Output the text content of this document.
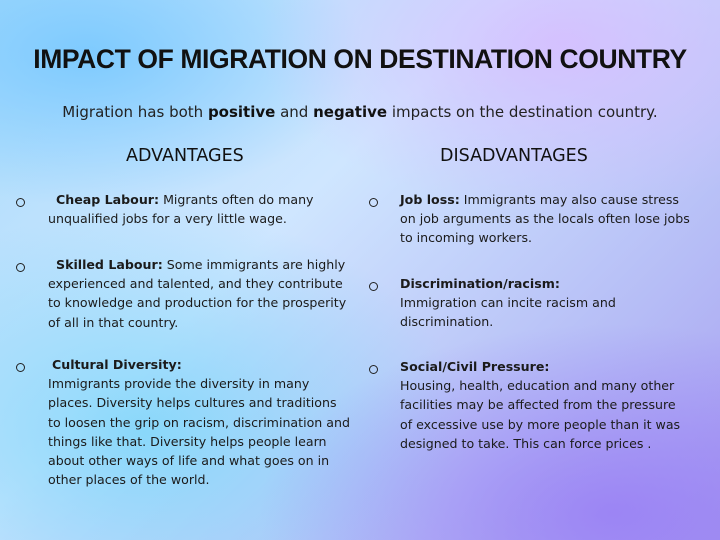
IMPACT OF MIGRATION ON DESTINATION COUNTRY
Migration has both positive and negative impacts on the destination country.
ADVANTAGES	DISADVANTAGES
Cheap Labour: Migrants often do many unqualified jobs for a very little wage.
Skilled Labour: Some immigrants are highly experienced and talented, and they contribute to knowledge and production for the prosperity of all in that country.
Cultural Diversity:
Immigrants provide the diversity in many places. Diversity helps cultures and traditions to loosen the grip on racism, discrimination and things like that. Diversity helps people learn about other ways of life and what goes on in other places of the world.
Job loss: Immigrants may also cause stress on job arguments as the locals often lose jobs to incoming workers.
Discrimination/racism:
Immigration can incite racism and discrimination.
Social/Civil Pressure:
Housing, health, education and many other facilities may be affected from the pressure of excessive use by more people than it was designed to take. This can force prices .
